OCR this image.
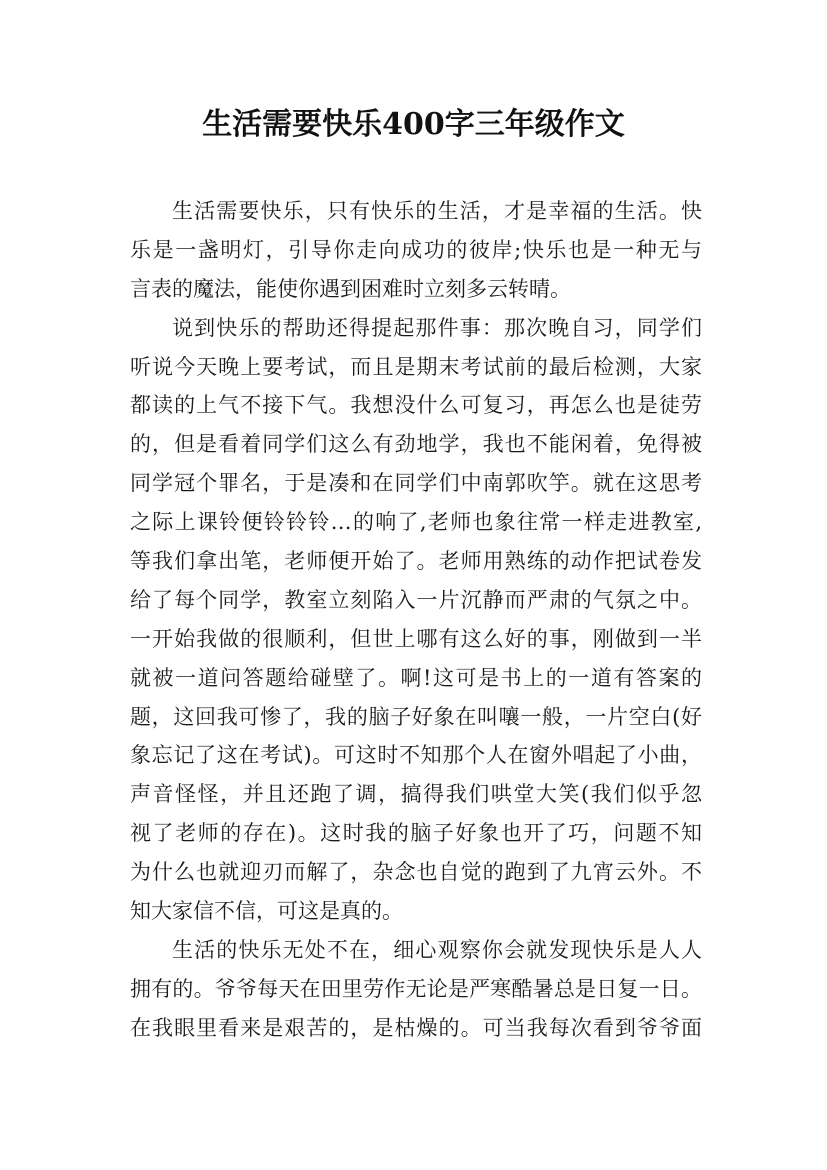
生活需要快乐400字三年级作文
生活需要快乐，只有快乐的生活，才是幸福的生活。快
乐是一盏明灯，引导你走向成功的彼岸;快乐也是一种无与
言表的魔法，能使你遇到困难时立刻多云转晴。
说到快乐的帮助还得提起那件事：那次晚自习，同学们
听说今天晚上要考试，而且是期末考试前的最后检测，大家
都读的上气不接下气。我想没什么可复习，再怎么也是徒劳
的，但是看着同学们这么有劲地学，我也不能闲着，免得被
同学冠个罪名，于是凑和在同学们中南郭吹竽。就在这思考
之际上课铃便铃铃铃…的响了,老师也象往常一样走进教室,
等我们拿出笔，老师便开始了。老师用熟练的动作把试卷发
给了每个同学，教室立刻陷入一片沉静而严肃的气氛之中。
一开始我做的很顺利，但世上哪有这么好的事，刚做到一半
就被一道问答题给碰壁了。啊!这可是书上的一道有答案的
题，这回我可惨了，我的脑子好象在叫嚷一般，一片空白(好
象忘记了这在考试)。可这时不知那个人在窗外唱起了小曲，
声音怪怪，并且还跑了调，搞得我们哄堂大笑(我们似乎忽
视了老师的存在)。这时我的脑子好象也开了巧，问题不知
为什么也就迎刃而解了，杂念也自觉的跑到了九宵云外。不
知大家信不信，可这是真的。
生活的快乐无处不在，细心观察你会就发现快乐是人人
拥有的。爷爷每天在田里劳作无论是严寒酷暑总是日复一日。
在我眼里看来是艰苦的，是枯燥的。可当我每次看到爷爷面
